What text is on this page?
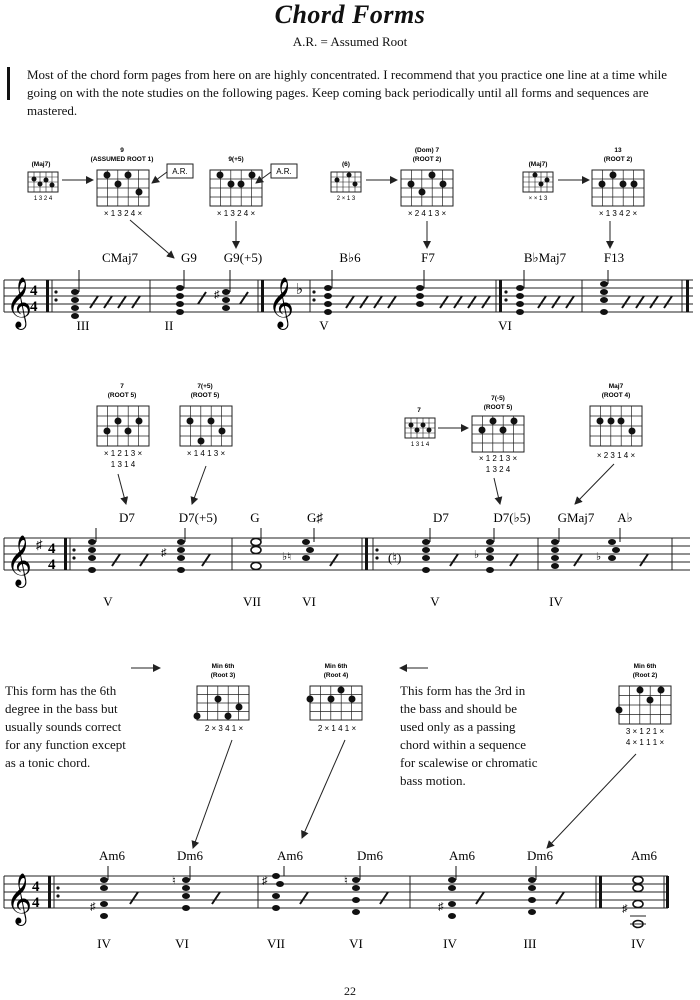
Chord Forms
A.R. = Assumed Root
Most of the chord form pages from here on are highly concentrated. I recommend that you practice one line at a time while going on with the note studies on the following pages. Keep coming back periodically until all forms and sequences are mastered.
This form has the 6th
degree in the bass but
usually sounds correct
for any function except
as a tonic chord.
This form has the 3rd in
the bass and should be
used only as a passing
chord within a sequence
for scalewise or chromatic
bass motion.
22
A.R.	A.R.
(Maj7)
1 3 2 4
9
(ASSUMED ROOT 1)
× 1 3 2 4 ×
9(+5)
× 1 3 2 4 ×
(6)
2 × 1 3
(Dom) 7
(ROOT 2)
× 2 4 1 3 ×
(Maj7)
× × 1 3
13
(ROOT 2)
× 1 3 4 2 ×
CMaj7	G9 G9(+5)	B♭6	F7	B♭Maj7	F13
𝄞
4
4
♯ 𝄞 ♭
III	II	V	VI
7
(ROOT 5)
× 1 2 1 3 ×
1 3 1 4
7(+5)
(ROOT 5)
× 1 4 1 3 ×
7
1 3 1 4
7(-5)
(ROOT 5)
× 1 2 1 3 ×
1 3 2 4
Maj7
(ROOT 4)
× 2 3 1 4 ×
D7	D7(+5)	G	G♯	D7	D7(♭5) GMaj7 A♭
𝄞 ♯ 4
4
♯	♭♮	(♮)	♭	♭
V	VII	VI	V	IV
Min 6th
(Root 3)
2 × 3 4 1 ×
Min 6th
(Root 4)
2 × 1 4 1 ×
Min 6th
(Root 2)
3 × 1 2 1 ×
4 × 1 1 1 ×
Am6	Dm6	Am6	Dm6	Am6	Dm6	Am6
𝄞 4
4	♯
♮	♯	♮
♯	♯
IV	VI	VII	VI	IV	III	IV
